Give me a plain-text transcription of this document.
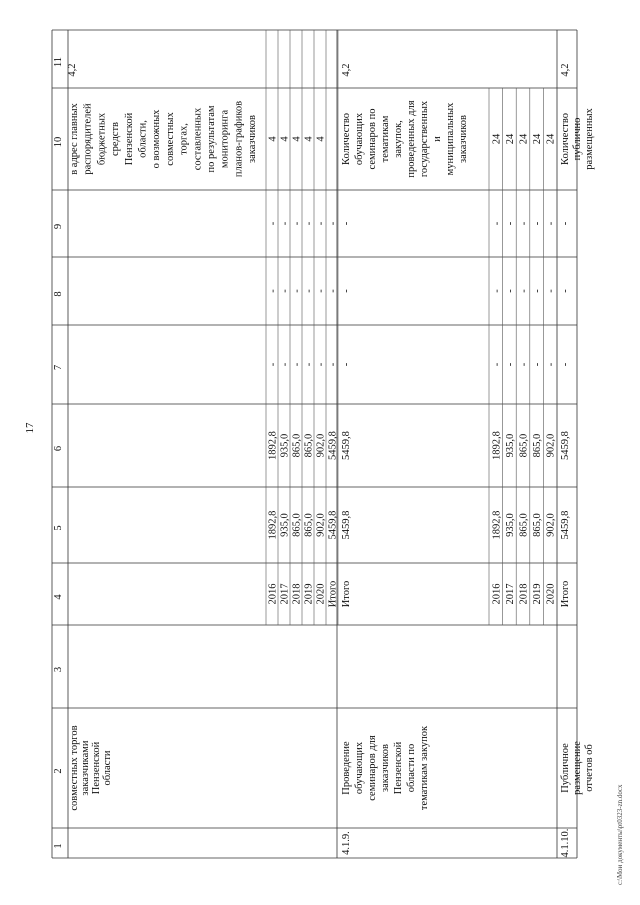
17
c:\Мои документы\pt0323-zn.docx
1
2
3
4
5
6
7
8
9
10
11
совместных торгов заказчиками Пензенской области
в адрес главных распорядителей бюджетных средств Пензенской области, о возможных совместных торгах, составленных по результатам мониторинга планов-графиков заказчиков
2016
1892,8
1892,8
-
-
-
4
2017
935,0
935,0
-
-
-
4
2018
865,0
865,0
-
-
-
4
2019
865,0
865,0
-
-
-
4
2020
902,0
902,0
-
-
-
4
Итого
5459,8
5459,8
-
-
-
4,2
4.1.9.
Проведение обучающих семинаров для заказчиков Пензенской области по тематикам закупок
Количество обучающих семинаров по тематикам закупок, проведенных для государственных и муниципальных заказчиков
Итого
5459,8
5459,8
-
-
-
2016
1892,8
1892,8
-
-
-
24
2017
935,0
935,0
-
-
-
24
2018
865,0
865,0
-
-
-
24
2019
865,0
865,0
-
-
-
24
2020
902,0
902,0
-
-
-
24
4,2
4.1.10.
Публичное размещение отчетов об
Количество публично размещенных
Итого
5459,8
5459,8
-
-
-
4,2
